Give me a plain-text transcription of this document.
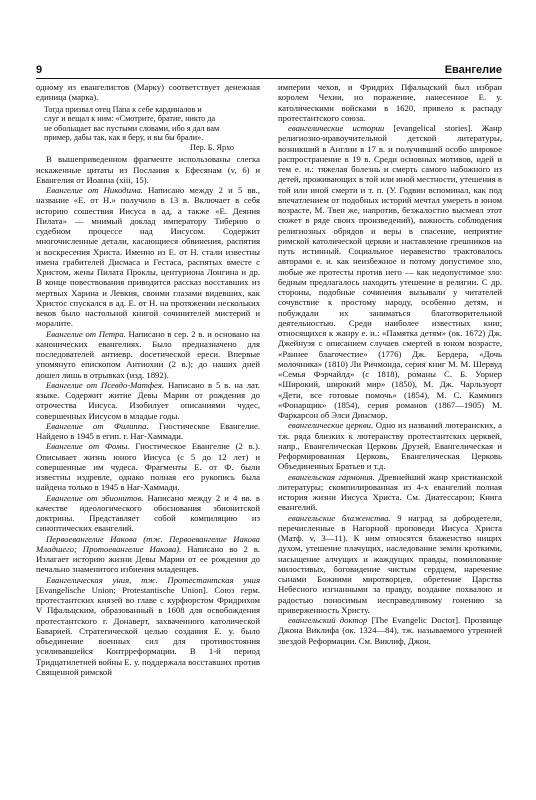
9	Евангелие

одному из евангелистов (Марку) соответствует денежная единица (марка).

Тогда призвал отец Папа к себе кардиналов и
слуг и вещал к ним: «Смотрите, братие, никто да
не обольщает вас пустыми словами, ибо я дал вам
пример, дабы так, как я беру, и вы бы брали».
Пер. Б. Ярхо

В вышеприведенном фрагменте использованы слегка искаженные цитаты из Послания к Ефесянам (v, 6) и Евангелия от Иоанна (xiii, 15).

Евангелие от Никодима. Написано между 2 и 5 вв., название «Е. от Н.» получило в 13 в. Включает в себя историю сошествия Иисуса в ад, а также «Е. Деяния Пилата» — мнимый доклад императору Тиберию о судебном процессе над Иисусом. Содержит многочисленные детали, касающиеся обвинения, распятия и воскресения Христа. Именно из Е. от Н. стали известны имена грабителей Дисмаса и Гестаса, распятых вместе с Христом, жены Пилата Проклы, центуриона Лонгина и др. В конце повествования приводится рассказ восставших из мертвых Харина и Левкия, своими глазами видевших, как Христос спускался в ад. Е. от Н. на протяжении нескольких веков было настольной книгой сочинителей мистерий и моралите.

Евангелие от Петра. Написано в сер. 2 в. и основано на канонических евангелиях. Было предназначено для последователей антиевр. docетической ереси. Впервые упомянуто епископом Антиохии (2 в.); до наших дней дошел лишь в отрывках (изд. 1892).

Евангелие от Псевдо-Матфея. Написано в 5 в. на лат. языке. Содержит житие Девы Марии от рождения до отрочества Иисуса. Изобилует описаниями чудес, совершенных Иисусом в младые годы.

Евангелие от Филиппа. Гностическое Евангелие. Найдено в 1945 в егип. г. Наг-Хаммади.

Евангелие от Фомы. Гностическое Евангелие (2 в.). Описывает жизнь юного Иисуса (с 5 до 12 лет) и совершенные им чудеса. Фрагменты Е. от Ф. были известны издревле, однако полная его рукопись была найдена только в 1945 в Наг-Хаммади.

Евангелие от эбионитов. Написано между 2 и 4 вв. в качестве идеологического обоснования эбионитской доктрины. Представляет собой компиляцию из синоптических евангелий.

Первоевангелие Иакова (тж. Первоевангелие Иакова Младшего; Протоевангелие Иакова). Написано во 2 в. Излагает историю жизни Девы Марии от ее рождения до печально знаменитого избиения младенцев.

Евангелическая уния, тж. Протестантская уния [Evangelische Union; Protestantische Union]. Союз герм. протестантских князей во главе с курфюрстом Фридрихом V Пфальцским, образованный в 1608 для освобождения протестантского г. Донаверт, захваченного католической Баварией. Стратегической целью создания Е. у. было объединение военных сил для противостояния усиливавшейся Контрреформации. В 1-й период Тридцатилетней войны Е. у. поддержала восставших против Священной римской

империи чехов, и Фридрих Пфальцский был избран королем Чехии, но поражение, нанесенное Е. у. католическими войсками в 1620, привело к распаду протестантского союза.

евангелические истории [evangelical stories]. Жанр религиозно-нравоучительной детской литературы, возникший в Англии в 17 в. и получивший особо широкое распространение в 19 в. Среди основных мотивов, идей и тем е. и.: тяжелая болезнь и смерть самого набожного из детей, проживающих в той или иной местности, утешения в той или иной смерти и т. п. (У. Годвин вспоминал, как под впечатлением от подобных историй мечтал умереть в юном возрасте, М. Твен же, напротив, безжалостно высмеял этот сюжет в ряде своих произведений), важность соблюдения религиозных обрядов и веры в спасение, неприятие римской католической церкви и наставление грешников на путь истинный. Социальное неравенство трактовалось авторами е. и. как неизбежное и потому допустимое зло, любые же протесты против него — как недопустимое зло: бедным предлагалось находить утешение в религии. С др. стороны, подобные сочинения вызывали у читателей сочувствие к простому народу, особенно детям, и побуждали их заниматься благотворительной деятельностью. Среди наиболее известных книг, относящихся к жанру е. и.: «Памятка детям» (ок. 1672) Дж. Джейнуэя с описанием случаев смертей в юном возрасте, «Раннее благочестие» (1776) Дж. Бердера, «Дочь молочника» (1810) Ли Ричмонда, серия книг М. М. Шервуд «Семья Фэрчайлд» (с 1818), романы С. Б. Уорнер «Широкий, широкий мир» (1850), М. Дж. Чарльзуорт «Дети, все готовые помочь» (1854), М. С. Камминз «Фонарщик» (1854), серия романов (1867—1905) М. Фаркарсон об Элси Динсмор.

евангелические церкви. Одно из названий лютеранских, а тж. ряда близких к лютеранству протестантских церквей, напр., Евангелическая Церковь Друзей, Евангелическая и Реформированная Церковь, Евангелическая Церковь Объединенных Братьев и т.д.

евангельская гармония. Древнейший жанр христианской литературы; скомпилированная из 4-х евангелий полная история жизни Иисуса Христа. См. Диатессарон; Книга евангелий.

евангельские блаженства. 9 наград за добродетели, перечисленные в Нагорной проповеди Иисуса Христа (Матф. v, 3—11). К ним относятся блаженство нищих духом, утешение плачущих, наследование земли кроткими, насыщение алчущих и жаждущих правды, помилование милостивых, боговидение чистым сердцем, наречение сынами Божиими миротворцев, обретение Царства Небесного изгнанными за правду, воздание похвалою и радостью поносимым несправедливому гонению за приверженность Христу.

евангельский доктор [The Evangelic Doctor]. Прозвище Джона Виклифа (ок. 1324—84), тж. называемого утренней звездой Реформации. См. Виклиф, Джон.
